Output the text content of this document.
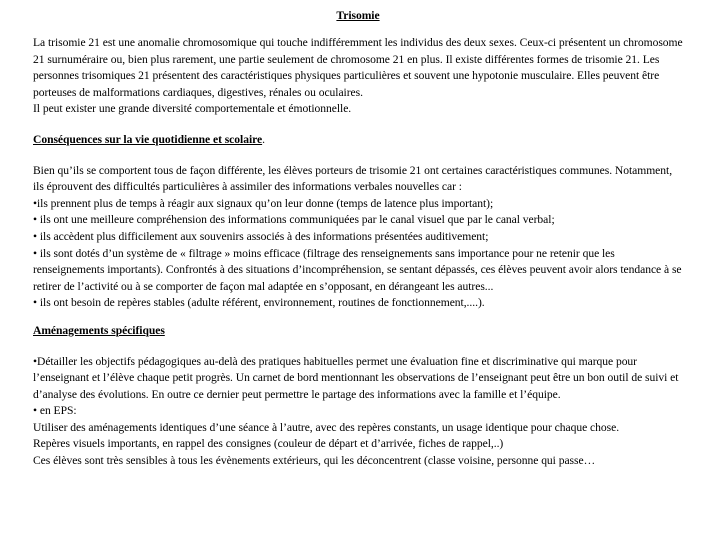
Trisomie

La trisomie 21 est une anomalie chromosomique qui touche indifféremment les individus des deux sexes. Ceux-ci présentent un chromosome 21 surnuméraire ou, bien plus rarement, une partie seulement de chromosome 21 en plus. Il existe différentes formes de trisomie 21. Les personnes trisomiques 21 présentent des caractéristiques physiques particulières et souvent une hypotonie musculaire. Elles peuvent être porteuses de malformations cardiaques, digestives, rénales ou oculaires.

Il peut exister une grande diversité comportementale et émotionnelle.

Conséquences sur la vie quotidienne et scolaire.

Bien qu’ils se comportent tous de façon différente, les élèves porteurs de trisomie 21 ont certaines caractéristiques communes. Notamment, ils éprouvent des difficultés particulières à assimiler des informations verbales nouvelles car :

•ils prennent plus de temps à réagir aux signaux qu’on leur donne (temps de latence plus important);

• ils ont une meilleure compréhension des informations communiquées par le canal visuel que par le canal verbal;

• ils accèdent plus difficilement aux souvenirs associés à des informations présentées auditivement;

• ils sont dotés d’un système de « filtrage » moins efficace (filtrage des renseignements sans importance pour ne retenir que les renseignements importants). Confrontés à des situations d’incompréhension, se sentant dépassés, ces élèves peuvent avoir alors tendance à se retirer de l’activité ou à se comporter de façon mal adaptée en s’opposant, en dérangeant les autres...

• ils ont besoin de repères stables (adulte référent, environnement, routines de fonctionnement,....).

Aménagements spécifiques

•Détailler les objectifs pédagogiques au-delà des pratiques habituelles permet une évaluation fine et discriminative qui marque pour l’enseignant et l’élève chaque petit progrès. Un carnet de bord mentionnant les observations de l’enseignant peut être un bon outil de suivi et d’analyse des évolutions. En outre ce dernier peut permettre le partage des informations avec la famille et l’équipe.

• en EPS:

Utiliser des aménagements identiques d’une séance à l’autre, avec des repères constants, un usage identique pour chaque chose.

Repères visuels importants, en rappel des consignes (couleur de départ et d’arrivée, fiches de rappel,..)

Ces élèves sont très sensibles à tous les évènements extérieurs, qui les déconcentrent (classe voisine, personne qui passe…
